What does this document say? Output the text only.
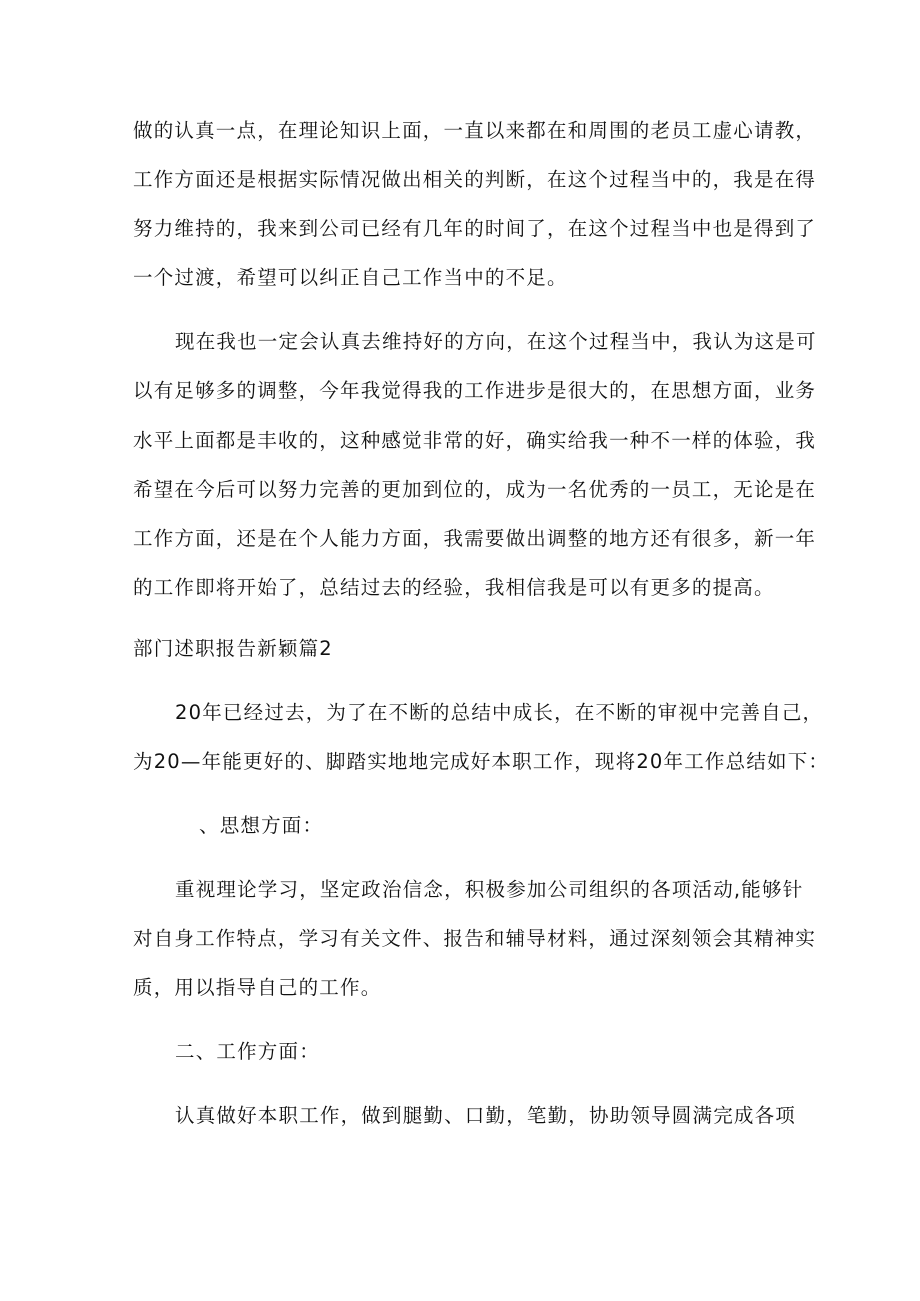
做的认真一点，在理论知识上面，一直以来都在和周围的老员工虚心请教，
工作方面还是根据实际情况做出相关的判断，在这个过程当中的，我是在得
努力维持的，我来到公司已经有几年的时间了，在这个过程当中也是得到了
一个过渡，希望可以纠正自己工作当中的不足。
现在我也一定会认真去维持好的方向，在这个过程当中，我认为这是可
以有足够多的调整，今年我觉得我的工作进步是很大的，在思想方面，业务
水平上面都是丰收的，这种感觉非常的好，确实给我一种不一样的体验，我
希望在今后可以努力完善的更加到位的，成为一名优秀的一员工，无论是在
工作方面，还是在个人能力方面，我需要做出调整的地方还有很多，新一年
的工作即将开始了，总结过去的经验，我相信我是可以有更多的提高。
部门述职报告新颖篇2
20年已经过去，为了在不断的总结中成长，在不断的审视中完善自己，
为20—年能更好的、脚踏实地地完成好本职工作，现将20年工作总结如下：
、思想方面：
重视理论学习，坚定政治信念，积极参加公司组织的各项活动,能够针
对自身工作特点，学习有关文件、报告和辅导材料，通过深刻领会其精神实
质，用以指导自己的工作。
二、工作方面：
认真做好本职工作，做到腿勤、口勤，笔勤，协助领导圆满完成各项
